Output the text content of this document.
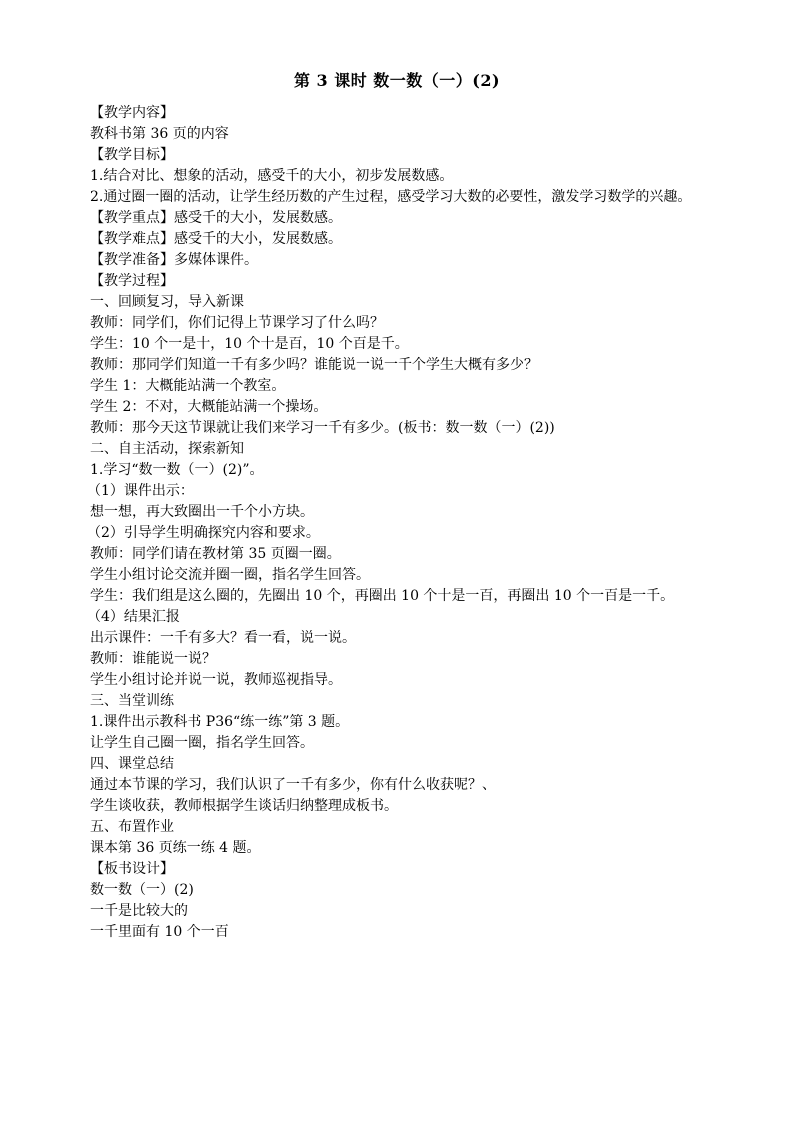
第 3 课时 数一数（一）(2)
【教学内容】
教科书第 36 页的内容
【教学目标】
1.结合对比、想象的活动，感受千的大小，初步发展数感。
2.通过圈一圈的活动，让学生经历数的产生过程，感受学习大数的必要性，激发学习数学的兴趣。
【教学重点】感受千的大小，发展数感。
【教学难点】感受千的大小，发展数感。
【教学准备】多媒体课件。
【教学过程】
一、回顾复习，导入新课
教师：同学们，你们记得上节课学习了什么吗？
学生：10 个一是十，10 个十是百，10 个百是千。
教师：那同学们知道一千有多少吗？谁能说一说一千个学生大概有多少？
学生 1：大概能站满一个教室。
学生 2：不对，大概能站满一个操场。
教师：那今天这节课就让我们来学习一千有多少。(板书：数一数（一）(2))
二、自主活动，探索新知
1.学习“数一数（一）(2)”。
（1）课件出示：
想一想，再大致圈出一千个小方块。
（2）引导学生明确探究内容和要求。
教师：同学们请在教材第 35 页圈一圈。
学生小组讨论交流并圈一圈，指名学生回答。
学生：我们组是这么圈的，先圈出 10 个，再圈出 10 个十是一百，再圈出 10 个一百是一千。
（4）结果汇报
出示课件：一千有多大？看一看，说一说。
教师：谁能说一说？
学生小组讨论并说一说，教师巡视指导。
三、当堂训练
1.课件出示教科书 P36“练一练”第 3 题。
让学生自己圈一圈，指名学生回答。
四、课堂总结
通过本节课的学习，我们认识了一千有多少，你有什么收获呢？、
学生谈收获，教师根据学生谈话归纳整理成板书。
五、布置作业
课本第 36 页练一练 4 题。
【板书设计】
数一数（一）(2)
一千是比较大的
一千里面有 10 个一百
